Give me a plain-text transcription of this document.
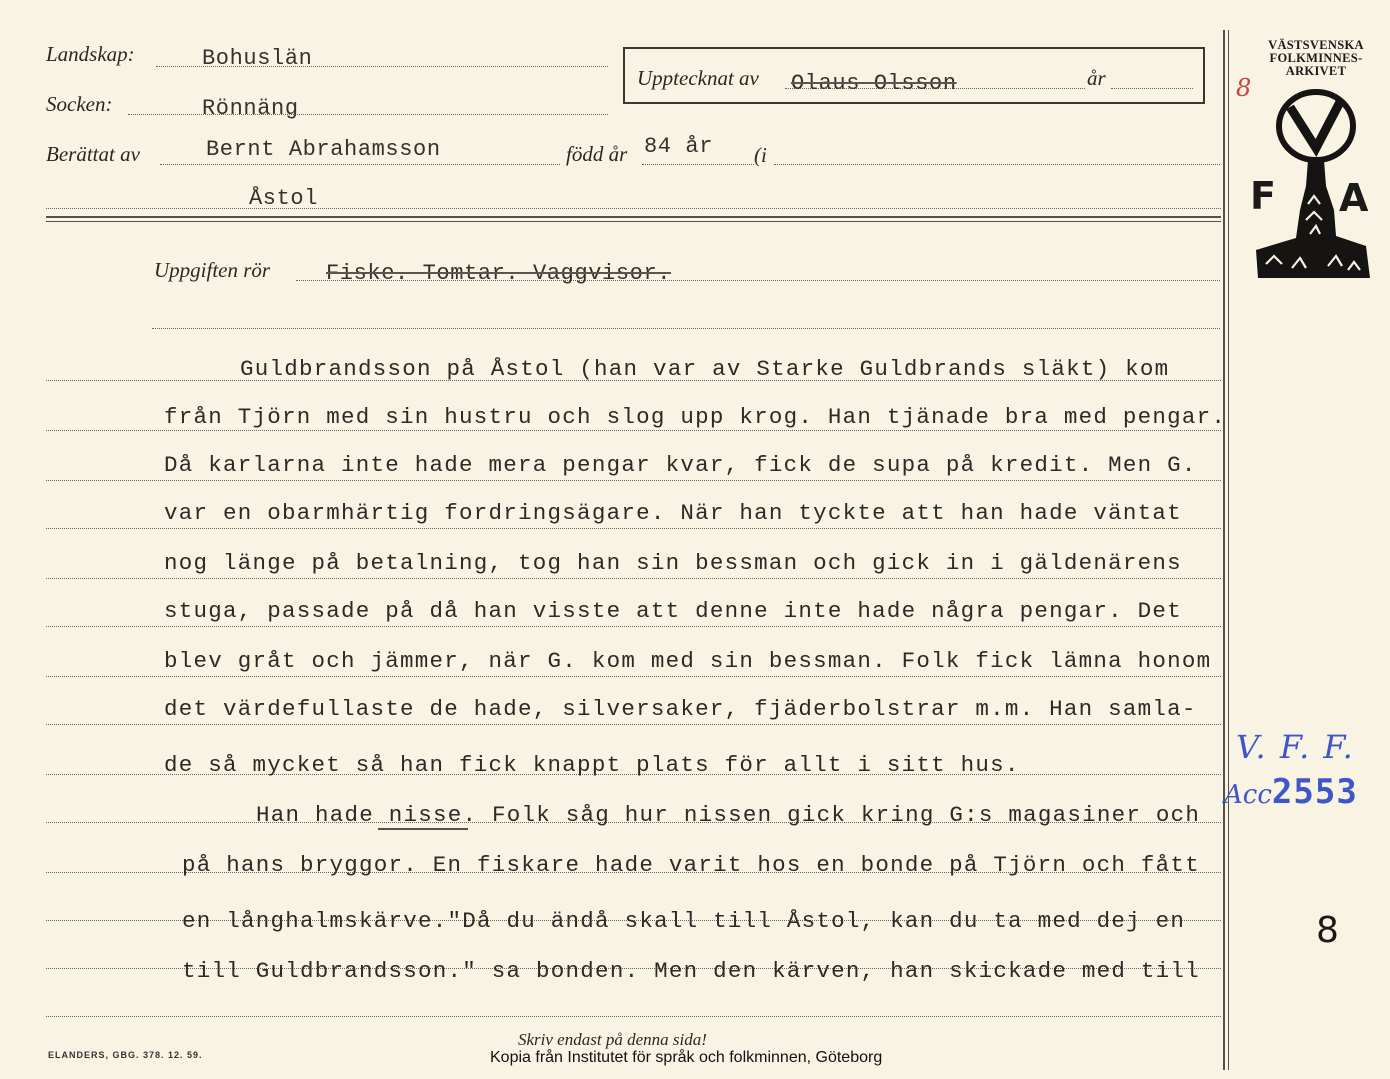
Landskap:	Bohuslän
Socken:	Rönnäng
Berättat av	Bernt Abrahamsson	född år 84 år (i
Åstol
Upptecknat av Olaus Olsson	år
VÄSTSVENSKA
FOLKMINNES-
ARKIVET
8
F A
V. F. F.
Acc2553
8
Uppgiften rör	Fiske. Tomtar. Vaggvisor.
Guldbrandsson på Åstol (han var av Starke Guldbrands släkt) kom
från Tjörn med sin hustru och slog upp krog. Han tjänade bra med pengar.
Då karlarna inte hade mera pengar kvar, fick de supa på kredit. Men G.
var en obarmhärtig fordringsägare. När han tyckte att han hade väntat
nog länge på betalning, tog han sin bessman och gick in i gäldenärens
stuga, passade på då han visste att denne inte hade några pengar. Det
blev gråt och jämmer, när G. kom med sin bessman. Folk fick lämna honom
det värdefullaste de hade, silversaker, fjäderbolstrar m.m. Han samla-
de så mycket så han fick knappt plats för allt i sitt hus.
Han hade nisse. Folk såg hur nissen gick kring G:s magasiner och
på hans bryggor. En fiskare hade varit hos en bonde på Tjörn och fått
en långhalmskärve."Då du ändå skall till Åstol, kan du ta med dej en
till Guldbrandsson." sa bonden. Men den kärven, han skickade med till
Skriv endast på denna sida!
ELANDERS, GBG. 378. 12. 59.	Kopia från Institutet för språk och folkminnen, Göteborg
